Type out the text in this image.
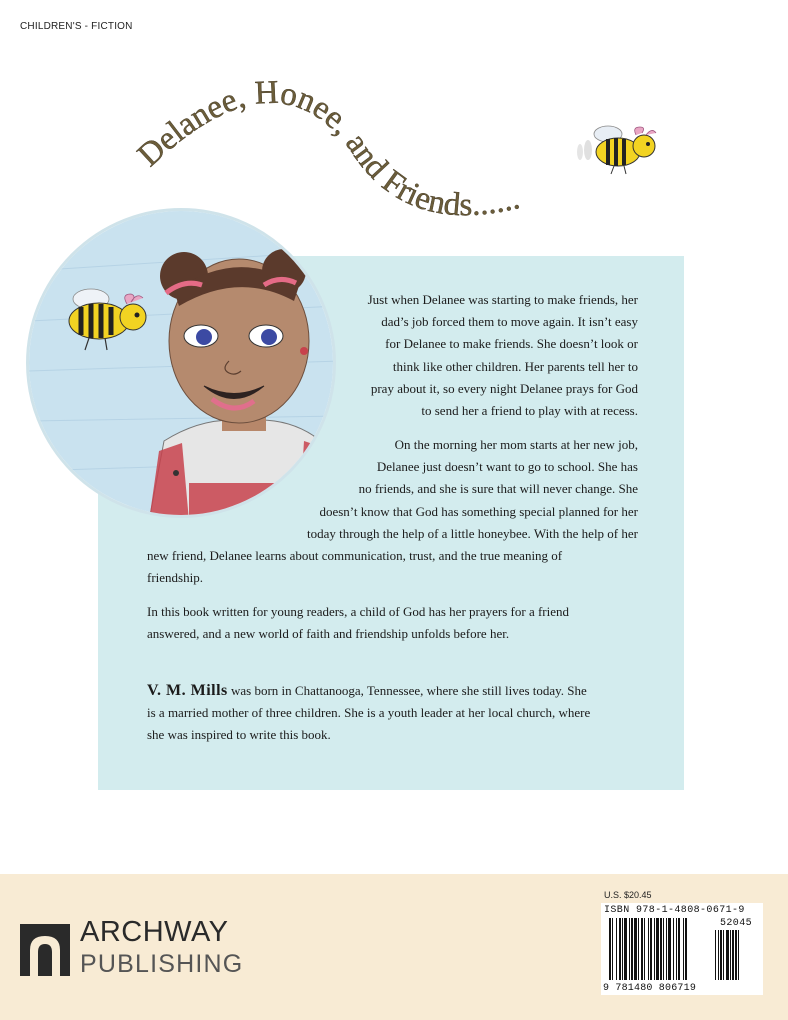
CHILDREN'S - FICTION
Delanee, Honee, and Friends......

Just when Delanee was starting to make friends, her

dad’s job forced them to move again. It isn’t easy

for Delanee to make friends. She doesn’t look or

think like other children. Her parents tell her to

pray about it, so every night Delanee prays for God

to send her a friend to play with at recess.

On the morning her mom starts at her new job,

Delanee just doesn’t want to go to school. She has

no friends, and she is sure that will never change. She

doesn’t know that God has something special planned for her

today through the help of a little honeybee. With the help of her

new friend, Delanee learns about communication, trust, and the true meaning of

friendship.

In this book written for young readers, a child of God has her prayers for a friend

answered, and a new world of faith and friendship unfolds before her.

V. M. Mills was born in Chattanooga, Tennessee, where she still lives today. She

is a married mother of three children. She is a youth leader at her local church, where

she was inspired to write this book.

ARCHWAY
PUBLISHING
U.S. $20.45
ISBN 978-1-4808-0671-9
52045
9 781480 806719
